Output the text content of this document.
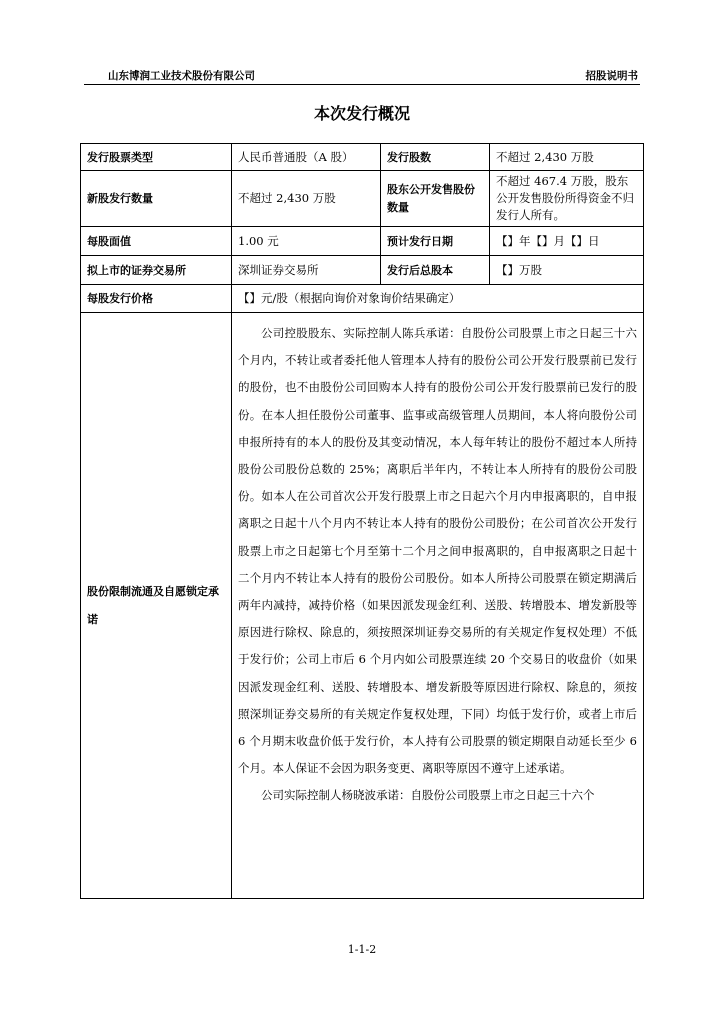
山东博润工业技术股份有限公司	招股说明书
本次发行概况
发行股票类型	人民币普通股（A 股）	发行股数	不超过 2,430 万股
新股发行数量	不超过 2,430 万股	股东公开发售股份数量	不超过 467.4 万股，股东公开发售股份所得资金不归发行人所有。
每股面值	1.00 元	预计发行日期	【】年【】月【】日
拟上市的证券交易所	深圳证券交易所	发行后总股本	【】万股
每股发行价格	【】元/股（根据向询价对象询价结果确定）		
股份限制流通及自愿锁定承诺	公司控股股东、实际控制人陈兵承诺：自股份公司股票上市之日起三十六个月内，不转让或者委托他人管理本人持有的股份公司公开发行股票前已发行的股份，也不由股份公司回购本人持有的股份公司公开发行股票前已发行的股份。在本人担任股份公司董事、监事或高级管理人员期间，本人将向股份公司申报所持有的本人的股份及其变动情况，本人每年转让的股份不超过本人所持股份公司股份总数的 25%；离职后半年内，不转让本人所持有的股份公司股份。如本人在公司首次公开发行股票上市之日起六个月内申报离职的，自申报离职之日起十八个月内不转让本人持有的股份公司股份；在公司首次公开发行股票上市之日起第七个月至第十二个月之间申报离职的，自申报离职之日起十二个月内不转让本人持有的股份公司股份。如本人所持公司股票在锁定期满后两年内减持，减持价格（如果因派发现金红利、送股、转增股本、增发新股等原因进行除权、除息的，须按照深圳证券交易所的有关规定作复权处理）不低于发行价；公司上市后 6 个月内如公司股票连续 20 个交易日的收盘价（如果因派发现金红利、送股、转增股本、增发新股等原因进行除权、除息的，须按照深圳证券交易所的有关规定作复权处理，下同）均低于发行价，或者上市后 6 个月期末收盘价低于发行价，本人持有公司股票的锁定期限自动延长至少 6 个月。本人保证不会因为职务变更、离职等原因不遵守上述承诺。

公司实际控制人杨晓波承诺：自股份公司股票上市之日起三十六个		

1-1-2
